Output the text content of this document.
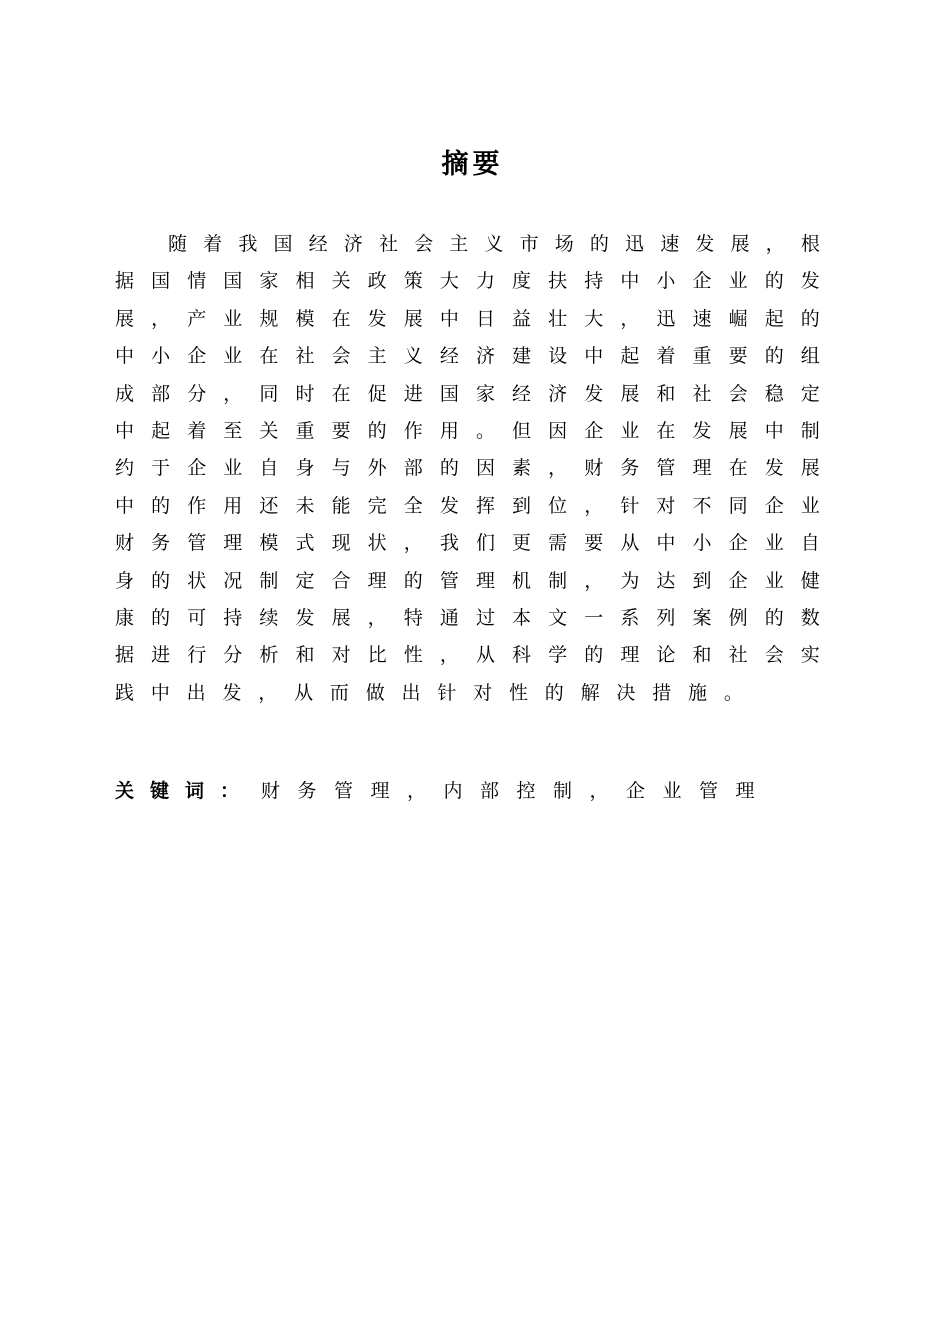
摘要
随 着 我 国 经 济 社 会 主 义 市 场 的 迅 速 发 展 ， 根
据 国 情 国 家 相 关 政 策 大 力 度 扶 持 中 小 企 业 的 发
展 ， 产 业 规 模 在 发 展 中 日 益 壮 大 ， 迅 速 崛 起 的
中 小 企 业 在 社 会 主 义 经 济 建 设 中 起 着 重 要 的 组
成 部 分 ， 同 时 在 促 进 国 家 经 济 发 展 和 社 会 稳 定
中 起 着 至 关 重 要 的 作 用 。 但 因 企 业 在 发 展 中 制
约 于 企 业 自 身 与 外 部 的 因 素 ， 财 务 管 理 在 发 展
中 的 作 用 还 未 能 完 全 发 挥 到 位 ， 针 对 不 同 企 业
财 务 管 理 模 式 现 状 ， 我 们 更 需 要 从 中 小 企 业 自
身 的 状 况 制 定 合 理 的 管 理 机 制 ， 为 达 到 企 业 健
康 的 可 持 续 发 展 ， 特 通 过 本 文 一 系 列 案 例 的 数
据 进 行 分 析 和 对 比 性 ， 从 科 学 的 理 论 和 社 会 实
践 中 出 发 ， 从 而 做 出 针 对 性 的 解 决 措 施 。
关键词： 财务管理，内部控制，企业管理
